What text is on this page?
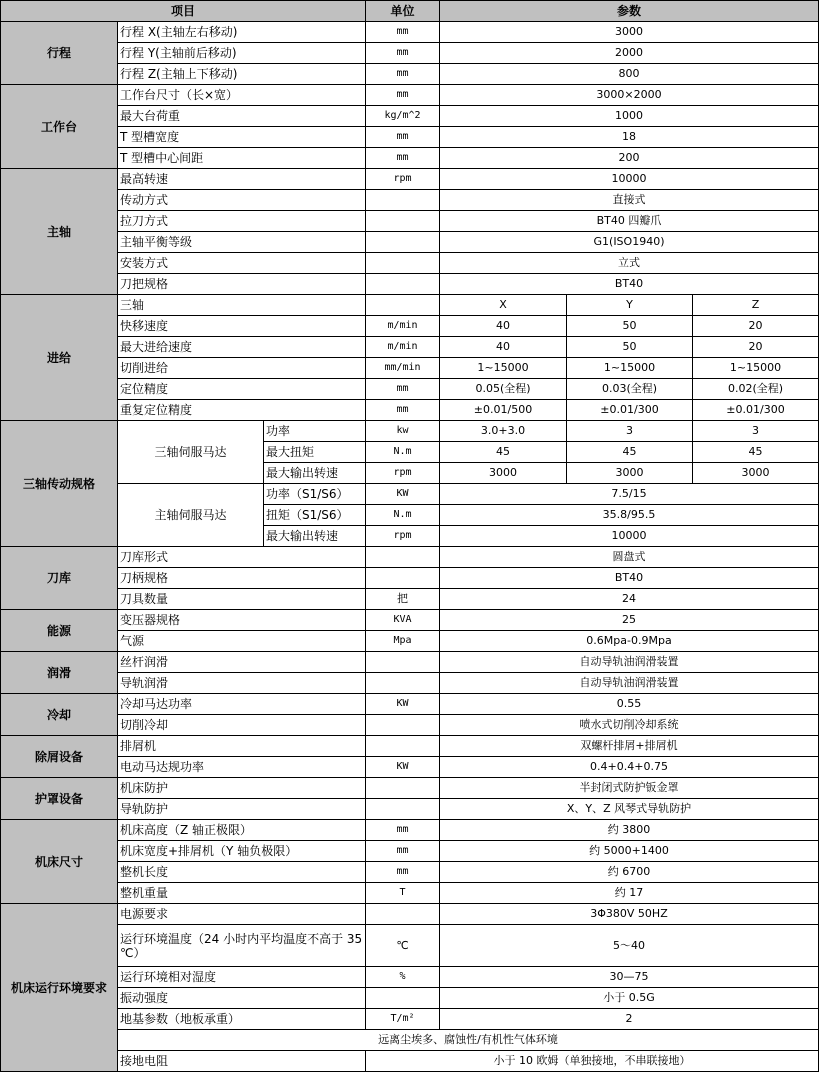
项目			单位	参数		
行程	行程 X(主轴左右移动)		mm	3000		
	行程 Y(主轴前后移动)		mm	2000		
	行程 Z(主轴上下移动)		mm	800		
工作台	工作台尺寸（长×宽）		mm	3000×2000		
	最大台荷重		kg/m^2	1000		
	T 型槽宽度		mm	18		
	T 型槽中心间距		mm	200		
主轴	最高转速		rpm	10000		
	传动方式			直接式		
	拉刀方式			BT40 四瓣爪		
	主轴平衡等级			G1(ISO1940)		
	安装方式			立式		
	刀把规格			BT40		
进给	三轴			X	Y	Z
	快移速度		m/min	40	50	20
	最大进给速度		m/min	40	50	20
	切削进给		mm/min	1~15000	1~15000	1~15000
	定位精度		mm	0.05(全程)	0.03(全程)	0.02(全程)
	重复定位精度		mm	±0.01/500	±0.01/300	±0.01/300
三轴传动规格	三轴伺服马达	功率	kw	3.0+3.0	3	3
		最大扭矩	N.m	45	45	45
		最大输出转速	rpm	3000	3000	3000
	主轴伺服马达	功率（S1/S6）	KW	7.5/15		
		扭矩（S1/S6）	N.m	35.8/95.5		
		最大输出转速	rpm	10000		
刀库	刀库形式			圆盘式		
	刀柄规格			BT40		
	刀具数量		把	24		
能源	变压器规格		KVA	25		
	气源		Mpa	0.6Mpa-0.9Mpa		
润滑	丝杆润滑			自动导轨油润滑装置		
	导轨润滑			自动导轨油润滑装置		
冷却	冷却马达功率		KW	0.55		
	切削冷却			喷水式切削冷却系统		
除屑设备	排屑机			双螺杆排屑+排屑机		
	电动马达规功率		KW	0.4+0.4+0.75		
护罩设备	机床防护			半封闭式防护钣金罩		
	导轨防护			X、Y、Z 风琴式导轨防护		
机床尺寸	机床高度（Z 轴正极限）		mm	约 3800		
	机床宽度+排屑机（Y 轴负极限）		mm	约 5000+1400		
	整机长度		mm	约 6700		
	整机重量		T	约 17		
机床运行环境要求	电源要求			3Φ380V 50HZ		
	运行环境温度（24 小时内平均温度不高于 35 ℃）		℃	5～40		
	运行环境相对湿度		%	30—75		
	振动强度			小于 0.5G		
	地基参数（地板承重）		T/m²	2		
	远离尘埃多、腐蚀性/有机性气体环境					
	接地电阻		小于 10 欧姆（单独接地，不串联接地）			
